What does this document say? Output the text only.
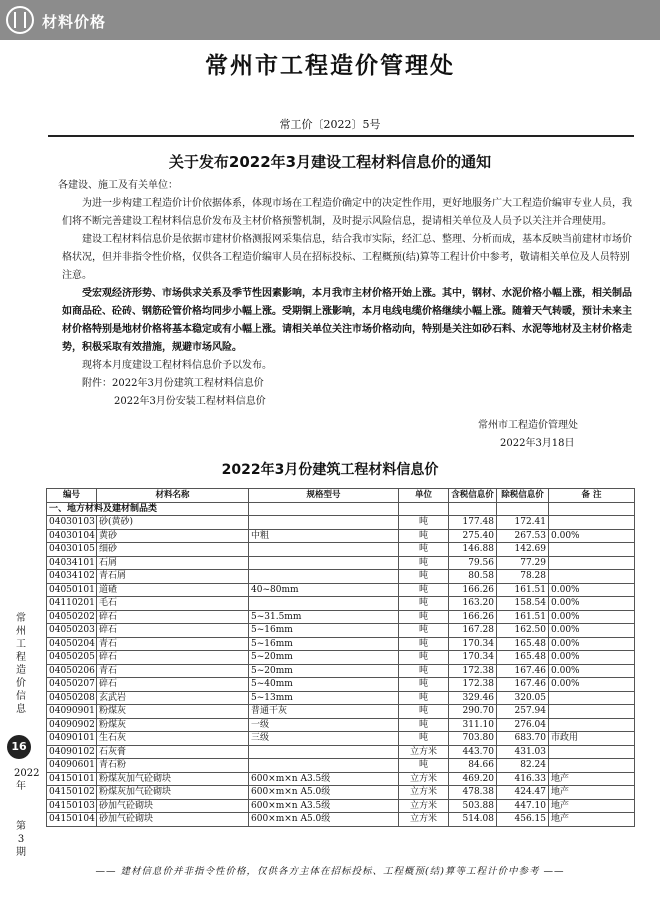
材料价格
常州市工程造价管理处
常工价〔2022〕5号
关于发布2022年3月建设工程材料信息价的通知

各建设、施工及有关单位：

为进一步构建工程造价计价依据体系，体现市场在工程造价确定中的决定性作用，更好地服务广大工程造价编审专业人员，我们将不断完善建设工程材料信息价发布及主材价格预警机制，及时提示风险信息，提请相关单位及人员予以关注并合理使用。

建设工程材料信息价是依据市建材价格测报网采集信息，结合我市实际，经汇总、整理、分析而成，基本反映当前建材市场价格状况，但并非指令性价格，仅供各工程造价编审人员在招标投标、工程概预(结)算等工程计价中参考，敬请相关单位及人员特别注意。

受宏观经济形势、市场供求关系及季节性因素影响，本月我市主材价格开始上涨。其中，钢材、水泥价格小幅上涨，相关制品如商品砼、砼砖、钢筋砼管价格均同步小幅上涨。受期铜上涨影响，本月电线电缆价格继续小幅上涨。随着天气转暖，预计未来主材价格特别是地材价格将基本稳定或有小幅上涨。请相关单位关注市场价格动向，特别是关注如砂石料、水泥等地材及主材价格走势，积极采取有效措施，规避市场风险。

现将本月度建设工程材料信息价予以发布。

附件：2022年3月份建筑工程材料信息价

2022年3月份安装工程材料信息价

常州市工程造价管理处
2022年3月18日
2022年3月份建筑工程材料信息价
编号	材料名称	规格型号	单位	含税信息价	除税信息价	备 注
一、地方材料及建材制品类						
04030103	砂(黄砂)		吨	177.48	172.41	
04030104	黄砂	中粗	吨	275.40	267.53	0.00%
04030105	细砂		吨	146.88	142.69	
04034101	石屑		吨	79.56	77.29	
04034102	青石屑		吨	80.58	78.28	
04050101	道碴	40~80mm	吨	166.26	161.51	0.00%
04110201	毛石		吨	163.20	158.54	0.00%
04050202	碎石	5~31.5mm	吨	166.26	161.51	0.00%
04050203	碎石	5~16mm	吨	167.28	162.50	0.00%
04050204	青石	5~16mm	吨	170.34	165.48	0.00%
04050205	碎石	5~20mm	吨	170.34	165.48	0.00%
04050206	青石	5~20mm	吨	172.38	167.46	0.00%
04050207	碎石	5~40mm	吨	172.38	167.46	0.00%
04050208	玄武岩	5~13mm	吨	329.46	320.05	
04090901	粉煤灰	普通干灰	吨	290.70	257.94	
04090902	粉煤灰	一级	吨	311.10	276.04	
04090101	生石灰	三级	吨	703.80	683.70	市政用
04090102	石灰膏		立方米	443.70	431.03	
04090601	青石粉		吨	84.66	82.24	
04150101	粉煤灰加气砼砌块	600×m×n A3.5级	立方米	469.20	416.33	地产
04150102	粉煤灰加气砼砌块	600×m×n A5.0级	立方米	478.38	424.47	地产
04150103	砂加气砼砌块	600×m×n A3.5级	立方米	503.88	447.10	地产
04150104	砂加气砼砌块	600×m×n A5.0级	立方米	514.08	456.15	地产
常州工程造价信息
16
2022年
第3期
—— 建材信息价并非指令性价格，仅供各方主体在招标投标、工程概预(结)算等工程计价中参考 ——
